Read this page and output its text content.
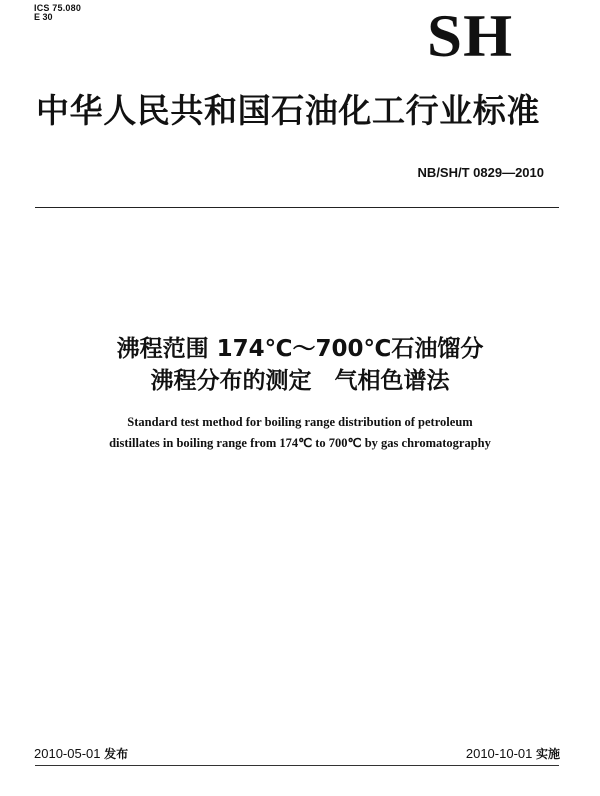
ICS 75.080
E 30	SH
中华人民共和国石油化工行业标准
NB/SH/T 0829—2010
沸程范围 174℃～700℃石油馏分
沸程分布的测定　气相色谱法
Standard test method for boiling range distribution of petroleum
distillates in boiling range from 174℃ to 700℃ by gas chromatography
2010-05-01 发布	2010-10-01 实施
